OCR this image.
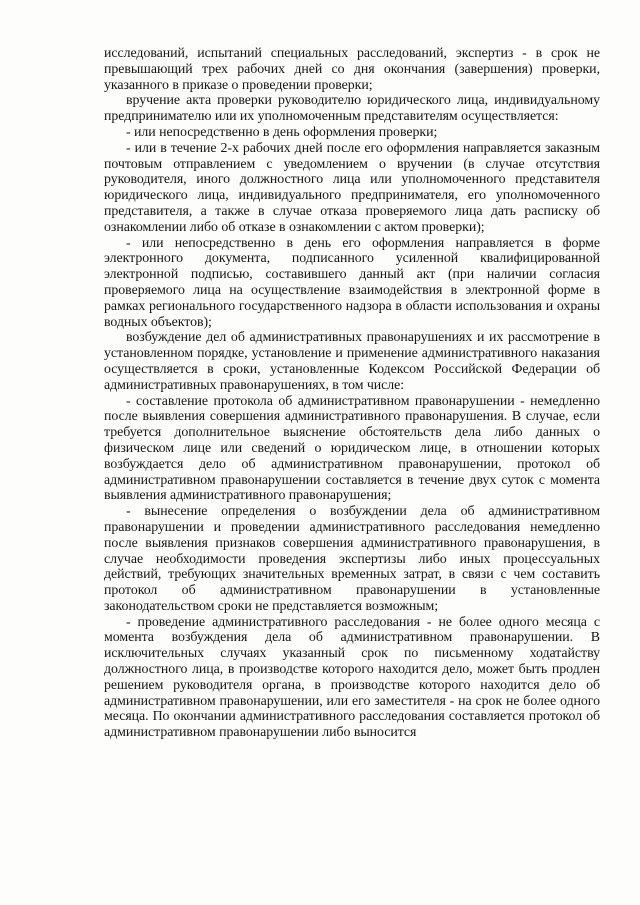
исследований, испытаний специальных расследований, экспертиз - в срок не превышающий трех рабочих дней со дня окончания (завершения) проверки, указанного в приказе о проведении проверки;

вручение акта проверки руководителю юридического лица, индивидуальному предпринимателю или их уполномоченным представителям осуществляется:

- или непосредственно в день оформления проверки;

- или в течение 2-х рабочих дней после его оформления направляется заказным почтовым отправлением с уведомлением о вручении (в случае отсутствия руководителя, иного должностного лица или уполномоченного представителя юридического лица, индивидуального предпринимателя, его уполномоченного представителя, а также в случае отказа проверяемого лица дать расписку об ознакомлении либо об отказе в ознакомлении с актом проверки);

- или непосредственно в день его оформления направляется в форме электронного документа, подписанного усиленной квалифицированной электронной подписью, составившего данный акт (при наличии согласия проверяемого лица на осуществление взаимодействия в электронной форме в рамках регионального государственного надзора в области использования и охраны водных объектов);

возбуждение дел об административных правонарушениях и их рассмотрение в установленном порядке, установление и применение административного наказания осуществляется в сроки, установленные Кодексом Российской Федерации об административных правонарушениях, в том числе:

- составление протокола об административном правонарушении - немедленно после выявления совершения административного правонарушения. В случае, если требуется дополнительное выяснение обстоятельств дела либо данных о физическом лице или сведений о юридическом лице, в отношении которых возбуждается дело об административном правонарушении, протокол об административном правонарушении составляется в течение двух суток с момента выявления административного правонарушения;

- вынесение определения о возбуждении дела об административном правонарушении и проведении административного расследования немедленно после выявления признаков совершения административного правонарушения, в случае необходимости проведения экспертизы либо иных процессуальных действий, требующих значительных временных затрат, в связи с чем составить протокол об административном правонарушении в установленные законодательством сроки не представляется возможным;

- проведение административного расследования - не более одного месяца с момента возбуждения дела об административном правонарушении. В исключительных случаях указанный срок по письменному ходатайству должностного лица, в производстве которого находится дело, может быть продлен решением руководителя органа, в производстве которого находится дело об административном правонарушении, или его заместителя - на срок не более одного месяца. По окончании административного расследования составляется протокол об административном правонарушении либо выносится
